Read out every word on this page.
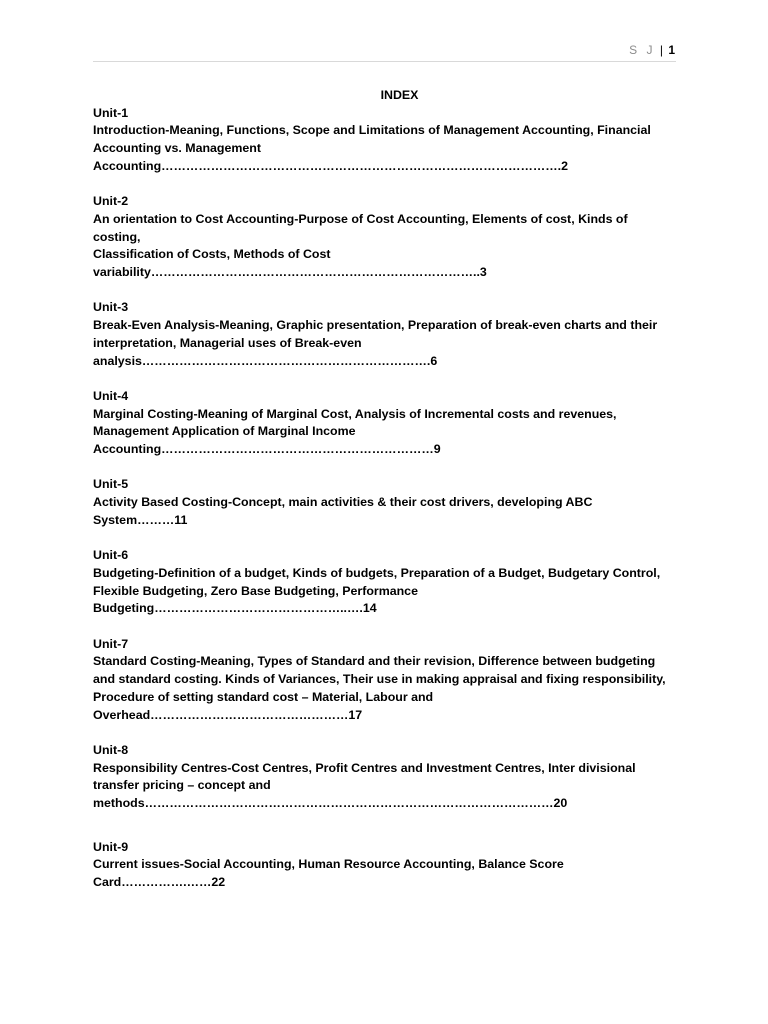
S J | 1
INDEX
Unit-1
Introduction-Meaning, Functions, Scope and Limitations of Management Accounting, Financial
Accounting vs. Management Accounting…………………………………………………………………………………….2
Unit-2
An orientation to Cost Accounting-Purpose of Cost Accounting, Elements of cost, Kinds of costing,
Classification of Costs, Methods of Cost variability……………………………………………………………………..3
Unit-3
Break-Even Analysis-Meaning, Graphic presentation, Preparation of break-even charts and their
interpretation, Managerial uses of Break-even analysis…………………………………………………………….6
Unit-4
Marginal Costing-Meaning of Marginal Cost, Analysis of Incremental costs and revenues,
Management Application of Marginal Income Accounting…………………………………………………………9
Unit-5
Activity Based Costing-Concept, main activities & their cost drivers, developing ABC System………11
Unit-6
Budgeting-Definition of a budget, Kinds of budgets, Preparation of a Budget, Budgetary Control,
Flexible Budgeting, Zero Base Budgeting, Performance Budgeting………………………………………..….14
Unit-7
Standard Costing-Meaning, Types of Standard and their revision, Difference between budgeting
and standard costing. Kinds of Variances, Their use in making appraisal and fixing responsibility,
Procedure of setting standard cost – Material, Labour and Overhead…………………………………………17
Unit-8
Responsibility Centres-Cost Centres, Profit Centres and Investment Centres, Inter divisional
transfer pricing – concept and methods………………………………………………………………………………………20
Unit-9
Current issues-Social Accounting, Human Resource Accounting, Balance Score Card…………….……22
